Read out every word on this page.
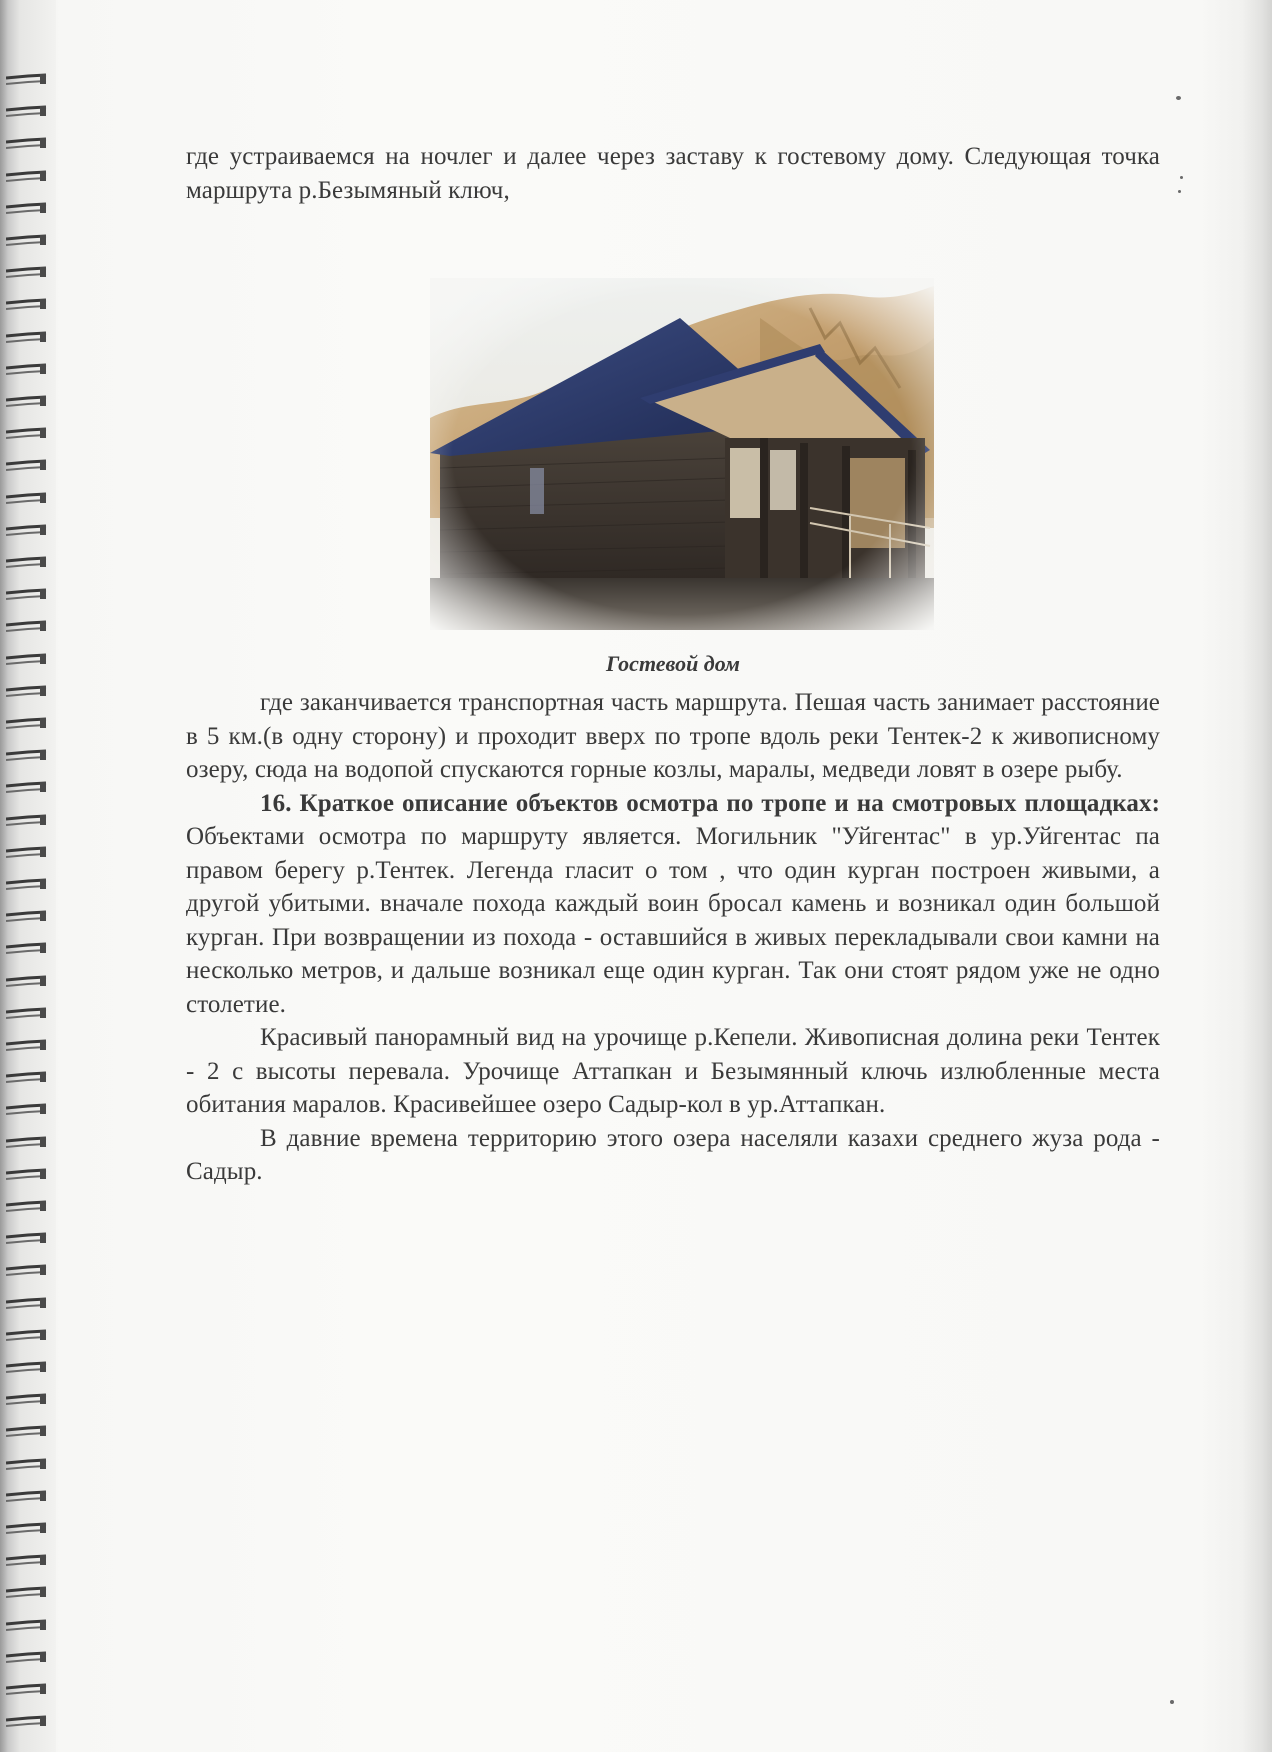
где устраиваемся на ночлег и далее через заставу к гостевому дому. Следующая точка маршрута р.Безымяный ключ,

Гостевой дом

где заканчивается транспортная часть маршрута. Пешая часть занимает расстояние в 5 км.(в одну сторону) и проходит вверх по тропе вдоль реки Тентек-2 к живописному озеру, сюда на водопой спускаются горные козлы, маралы, медведи ловят в озере рыбу.

16. Краткое описание объектов осмотра по тропе и на смотровых площадках: Объектами осмотра по маршруту является. Могильник "Уйгентас" в ур.Уйгентас па правом берегу р.Тентек. Легенда гласит о том , что один курган построен живыми, а другой убитыми. вначале похода каждый воин бросал камень и возникал один большой курган. При возвращении из похода - оставшийся в живых перекладывали свои камни на несколько метров, и дальше возникал еще один курган. Так они стоят рядом уже не одно столетие.

Красивый панорамный вид на урочище р.Кепели. Живописная долина реки Тентек - 2 с высоты перевала. Урочище Аттапкан и Безымянный ключь излюбленные места обитания маралов. Красивейшее озеро Садыр-кол в ур.Аттапкан.

В давние времена территорию этого озера населяли казахи среднего жуза рода - Садыр.
